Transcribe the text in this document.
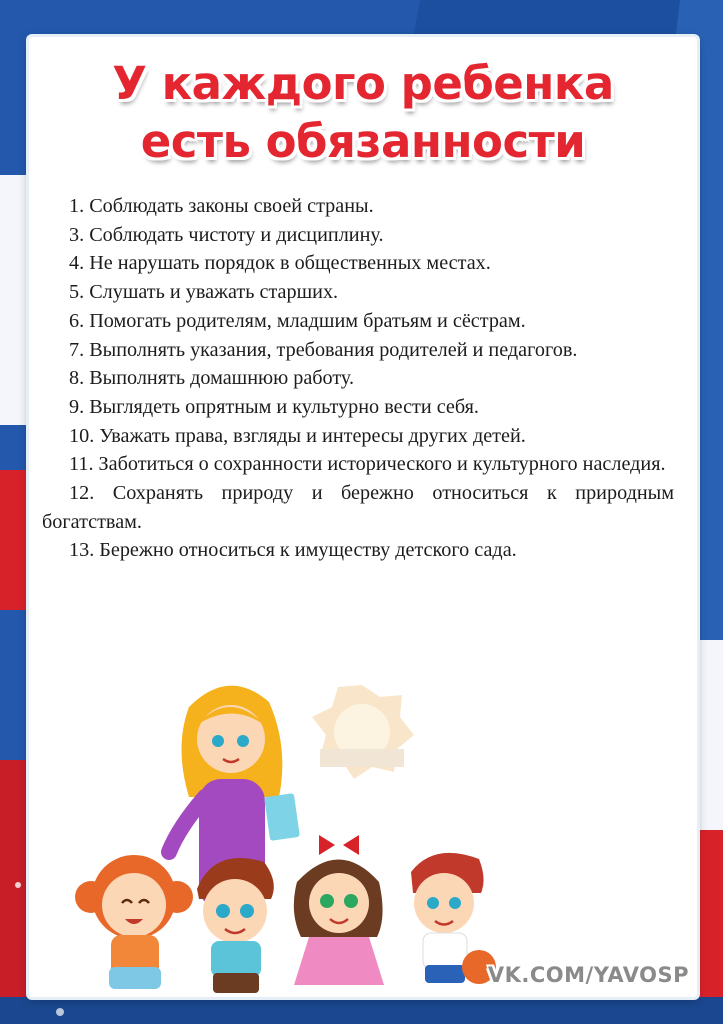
У каждого ребенка
есть обязанности
1. Соблюдать законы своей страны.
3. Соблюдать чистоту и дисциплину.
4. Не нарушать порядок в общественных местах.
5. Слушать и уважать старших.
6. Помогать родителям, младшим братьям и сёстрам.
7. Выполнять указания, требования родителей и педагогов.
8. Выполнять домашнюю работу.
9. Выглядеть опрятным и культурно вести себя.
10. Уважать права, взгляды и интересы других детей.
11. Заботиться о сохранности исторического и культурного наследия.
12. Сохранять природу и бережно относиться к природным богатствам.
13. Бережно относиться к имуществу детского сада.
VK.COM/YAVOSP
